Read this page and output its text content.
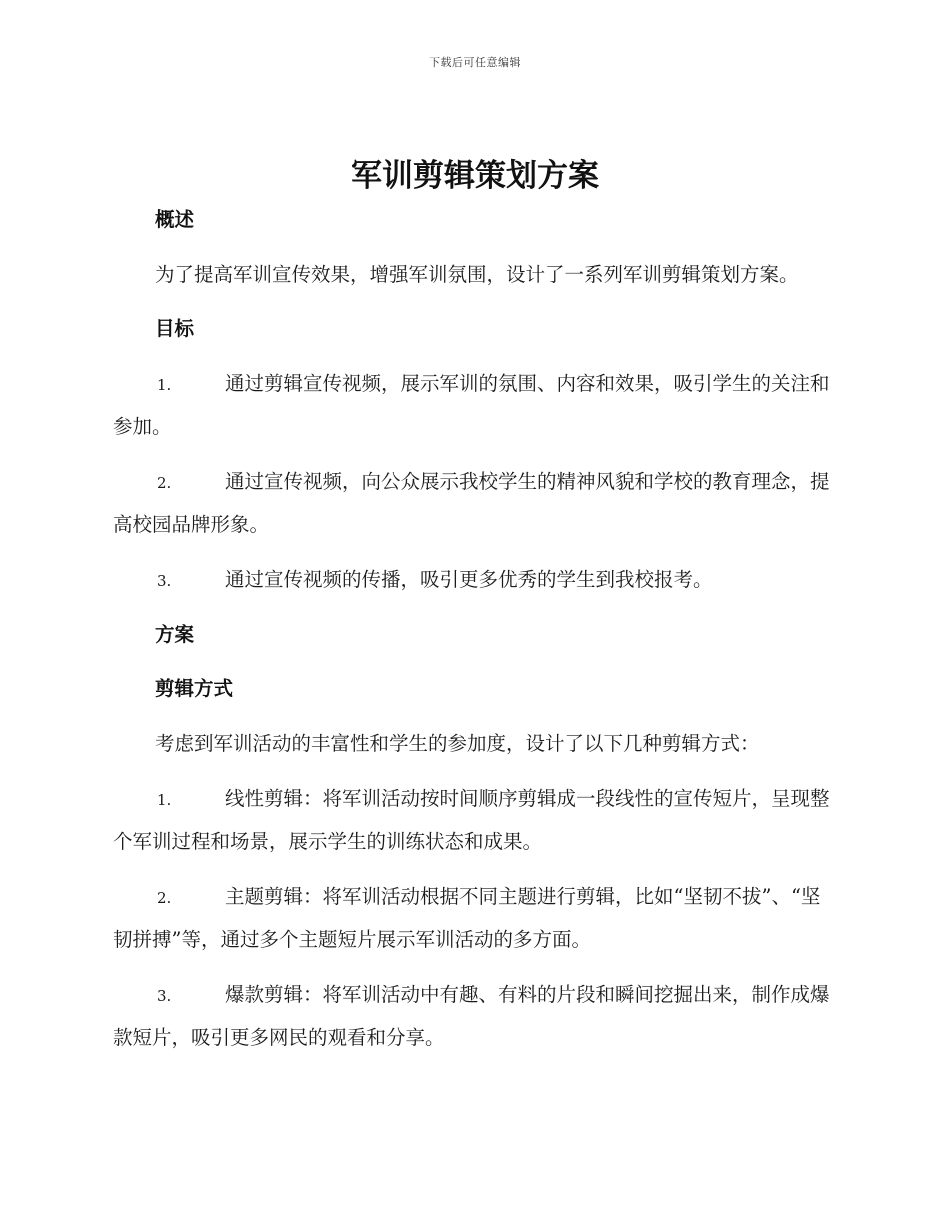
下载后可任意编辑
军训剪辑策划方案
概述

为了提高军训宣传效果，增强军训氛围，设计了一系列军训剪辑策划方案。

目标

1.	通过剪辑宣传视频，展示军训的氛围、内容和效果，吸引学生的关注和参加。

2.	通过宣传视频，向公众展示我校学生的精神风貌和学校的教育理念，提高校园品牌形象。

3.	通过宣传视频的传播，吸引更多优秀的学生到我校报考。

方案
剪辑方式

考虑到军训活动的丰富性和学生的参加度，设计了以下几种剪辑方式：

1.	线性剪辑：将军训活动按时间顺序剪辑成一段线性的宣传短片，呈现整个军训过程和场景，展示学生的训练状态和成果。

2.	主题剪辑：将军训活动根据不同主题进行剪辑，比如“坚韧不拔”、“坚韧拼搏”等，通过多个主题短片展示军训活动的多方面。

3.	爆款剪辑：将军训活动中有趣、有料的片段和瞬间挖掘出来，制作成爆款短片，吸引更多网民的观看和分享。
